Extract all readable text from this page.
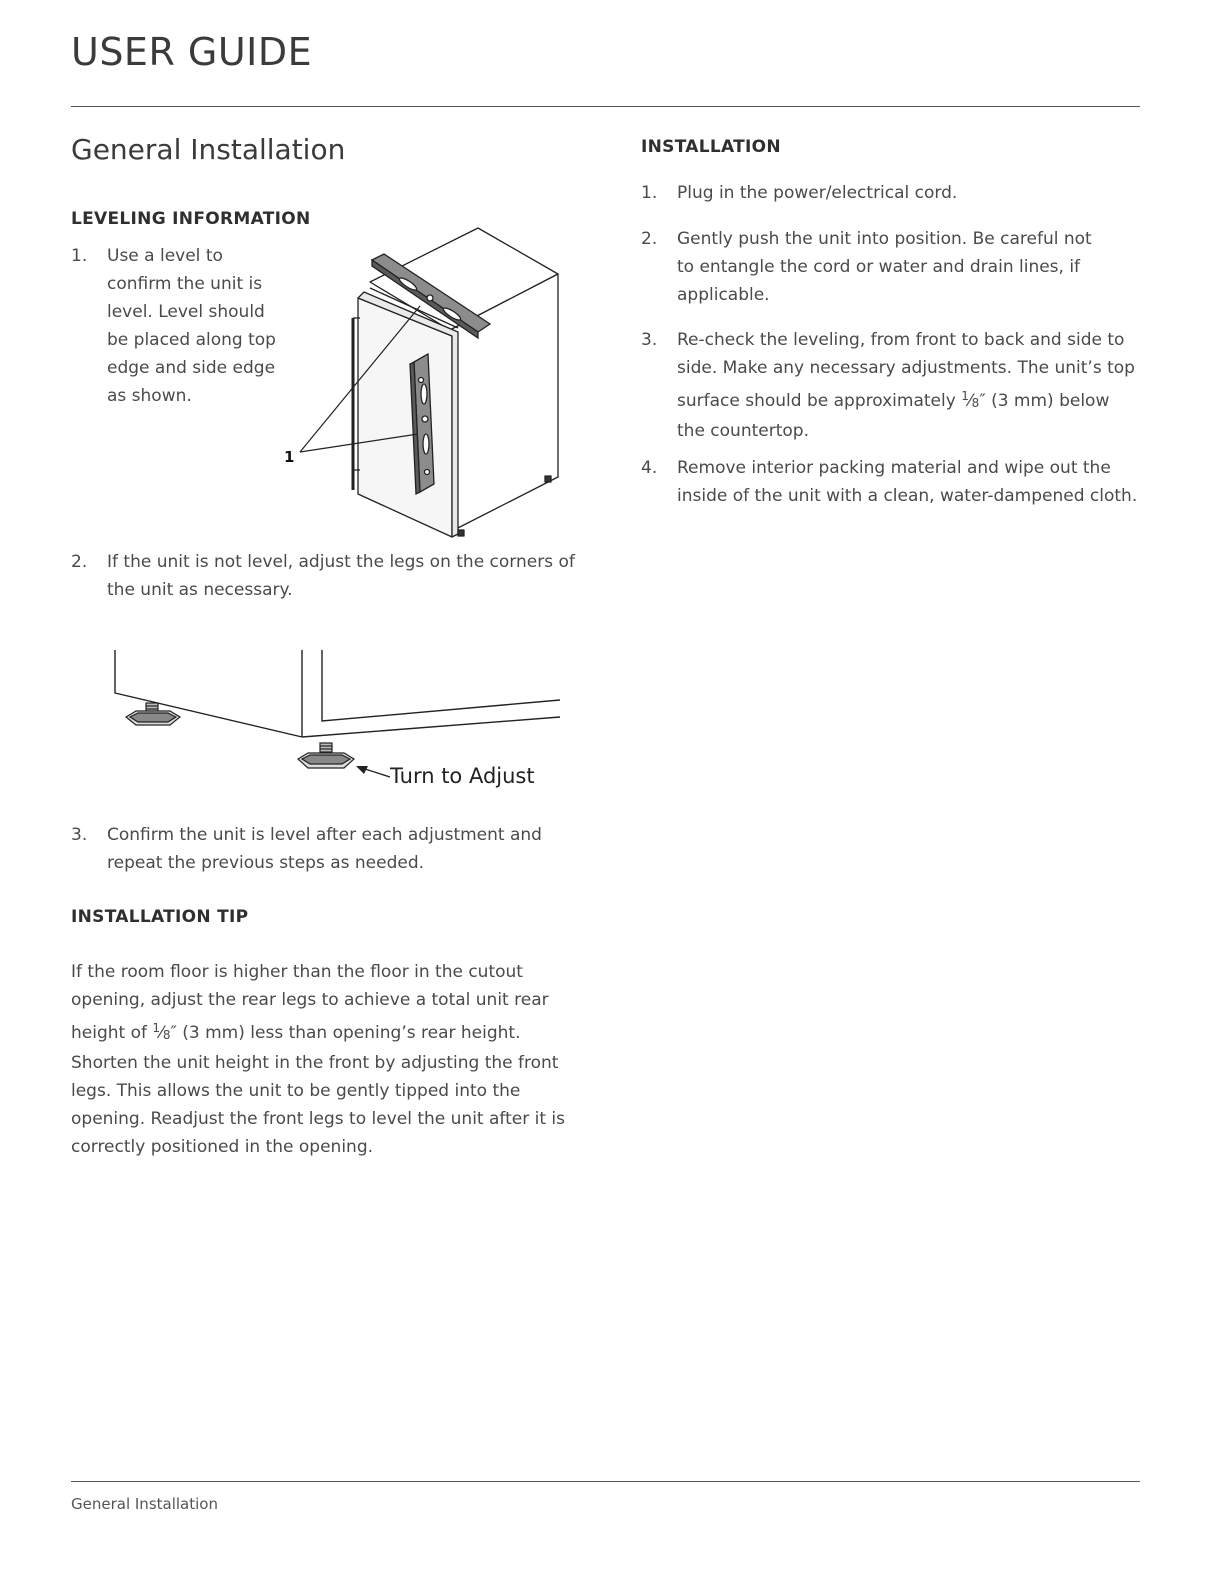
USER GUIDE
General Installation
LEVELING INFORMATION
1. Use a level to
confirm the unit is
level. Level should
be placed along top
edge and side edge
as shown.
1
2. If the unit is not level, adjust the legs on the corners of
the unit as necessary.
Turn to Adjust
3. Confirm the unit is level after each adjustment and
repeat the previous steps as needed.
INSTALLATION TIP
If the room floor is higher than the floor in the cutout
opening, adjust the rear legs to achieve a total unit rear
height of $^1⁄_8''$ (3 mm) less than opening’s rear height.
Shorten the unit height in the front by adjusting the front
legs. This allows the unit to be gently tipped into the
opening. Readjust the front legs to level the unit after it is
correctly positioned in the opening.
INSTALLATION
1. Plug in the power/electrical cord.
2. Gently push the unit into position. Be careful not
to entangle the cord or water and drain lines, if
applicable.
3. Re-check the leveling, from front to back and side to
side. Make any necessary adjustments. The unit’s top
surface should be approximately $^1⁄_8''$ (3 mm) below
the countertop.
4. Remove interior packing material and wipe out the
inside of the unit with a clean, water-dampened cloth.
General Installation
